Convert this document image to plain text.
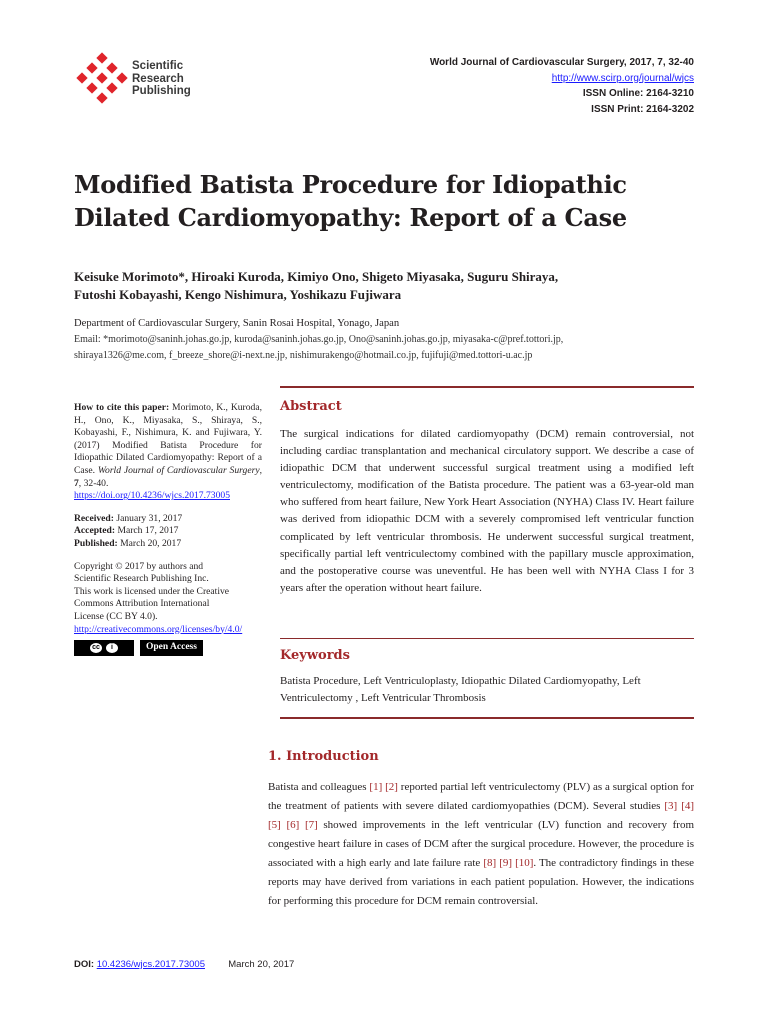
Scientific
Research
Publishing
World Journal of Cardiovascular Surgery, 2017, 7, 32-40
http://www.scirp.org/journal/wjcs
ISSN Online: 2164-3210
ISSN Print: 2164-3202
Modified Batista Procedure for Idiopathic
Dilated Cardiomyopathy: Report of a Case
Keisuke Morimoto*, Hiroaki Kuroda, Kimiyo Ono, Shigeto Miyasaka, Suguru Shiraya,
Futoshi Kobayashi, Kengo Nishimura, Yoshikazu Fujiwara
Department of Cardiovascular Surgery, Sanin Rosai Hospital, Yonago, Japan
Email: *morimoto@saninh.johas.go.jp, kuroda@saninh.johas.go.jp, Ono@saninh.johas.go.jp, miyasaka-c@pref.tottori.jp,
shiraya1326@me.com, f_breeze_shore@i-next.ne.jp, nishimurakengo@hotmail.co.jp, fujifuji@med.tottori-u.ac.jp

How to cite this paper: Morimoto, K., Kuroda, H., Ono, K., Miyasaka, S., Shiraya, S., Kobayashi, F., Nishimura, K. and Fujiwara, Y. (2017) Modified Batista Procedure for Idiopathic Dilated Cardiomyopathy: Report of a Case. World Journal of Cardiovascular Surgery, 7, 32-40.
https://doi.org/10.4236/wjcs.2017.73005

Received: January 31, 2017

Accepted: March 17, 2017

Published: March 20, 2017

Copyright © 2017 by authors and

Scientific Research Publishing Inc.

This work is licensed under the Creative

Commons Attribution International

License (CC BY 4.0).

http://creativecommons.org/licenses/by/4.0/

cc	i	Open Access
Abstract
The surgical indications for dilated cardiomyopathy (DCM) remain controversial, not including cardiac transplantation and mechanical circulatory support. We describe a case of idiopathic DCM that underwent successful surgical treatment using a modified left ventriculectomy, modification of the Batista procedure. The patient was a 63-year-old man who suffered from heart failure, New York Heart Association (NYHA) Class IV. Heart failure was derived from idiopathic DCM with a severely compromised left ventricular function complicated by left ventricular thrombosis. He underwent successful surgical treatment, specifically partial left ventriculectomy combined with the papillary muscle approximation, and the postoperative course was uneventful. He has been well with NYHA Class I for 3 years after the operation without heart failure.
Keywords
Batista Procedure, Left Ventriculoplasty, Idiopathic Dilated Cardiomyopathy, Left Ventriculectomy , Left Ventricular Thrombosis
1. Introduction
Batista and colleagues [1] [2] reported partial left ventriculectomy (PLV) as a surgical option for the treatment of patients with severe dilated cardiomyopathies (DCM). Several studies [3] [4] [5] [6] [7] showed improvements in the left ventricular (LV) function and recovery from congestive heart failure in cases of DCM after the surgical procedure. However, the procedure is associated with a high early and late failure rate [8] [9] [10]. The contradictory findings in these reports may have derived from variations in each patient population. However, the indications for performing this procedure for DCM remain controversial.
DOI: 10.4236/wjcs.2017.73005 March 20, 2017
